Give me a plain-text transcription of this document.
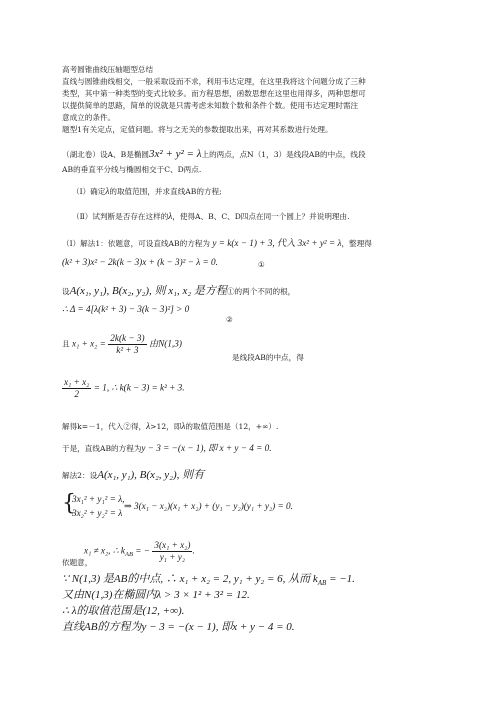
高考圆锥曲线压轴题型总结
直线与圆锥曲线相交，一般采取设而不求，利用韦达定理，在这里我将这个问题分成了三种
类型，其中第一种类型的变式比较多。而方程思想，函数思想在这里也用得多，两种思想可
以提供简单的思路，简单的说就是只需考虑未知数个数和条件个数。使用韦达定理时需注
意成立的条件。
题型1有关定点，定值问题。将与之无关的参数提取出来，再对其系数进行处理。
（湖北卷）设A、B是椭圆3x² + y² = λ上的两点，点N（1，3）是线段AB的中点，线段
AB的垂直平分线与椭圆相交于C、D两点.
（Ⅰ）确定λ的取值范围，并求直线AB的方程;
（Ⅱ）试判断是否存在这样的λ，使得A、B、C、D四点在同一个圆上？并说明理由.
（Ⅰ）解法1：依题意，可设直线AB的方程为 y = k(x − 1) + 3, 代入 3x² + y² = λ，整理得
(k² + 3)x² − 2k(k − 3)x + (k − 3)² − λ = 0.	①
设A(x₁, y₁), B(x₂, y₂), 则 x₁, x₂ 是方程①的两个不同的根，
∴ Δ = 4[λ(k² + 3) − 3(k − 3)²] > 0
②
且 $x_1 + x_2 = \frac{2k(k - 3)}{\text{k² + 3}}$ 由N(1,3)
是线段AB的中点，得
$\frac{\text{x₁ + x₂}}{2} = 1$, ∴ k(k − 3) = k² + 3.
解得k=－1，代入②得，λ>12，即λ的取值范围是（12，+∞）.
于是，直线AB的方程为y − 3 = −(x − 1), 即 x + y − 4 = 0.
解法2：设A(x₁, y₁), B(x₂, y₂), 则有
{
3x₁² + y₁² = λ,
3x₂² + y₂² = λ
⇒ 3(x₁ − x₂)(x₁ + x₂) + (y₁ − y₂)(y₁ + y₂) = 0.
x₁ ≠ x₂, ∴ $k_{AB}$ = − $\frac{\text{3(x₁ + x₂)}}{\text{y₁ + y₂}}$ .
依题意，
∵ N(1,3) 是AB的中点, ∴ x₁ + x₂ = 2, y₁ + y₂ = 6, 从而 $k_{AB} = -1$.
又由N(1,3)在椭圆内λ > 3 × 1² + 3² = 12.
∴ λ的取值范围是(12, +∞).
直线AB的方程为y − 3 = −(x − 1), 即x + y − 4 = 0.
